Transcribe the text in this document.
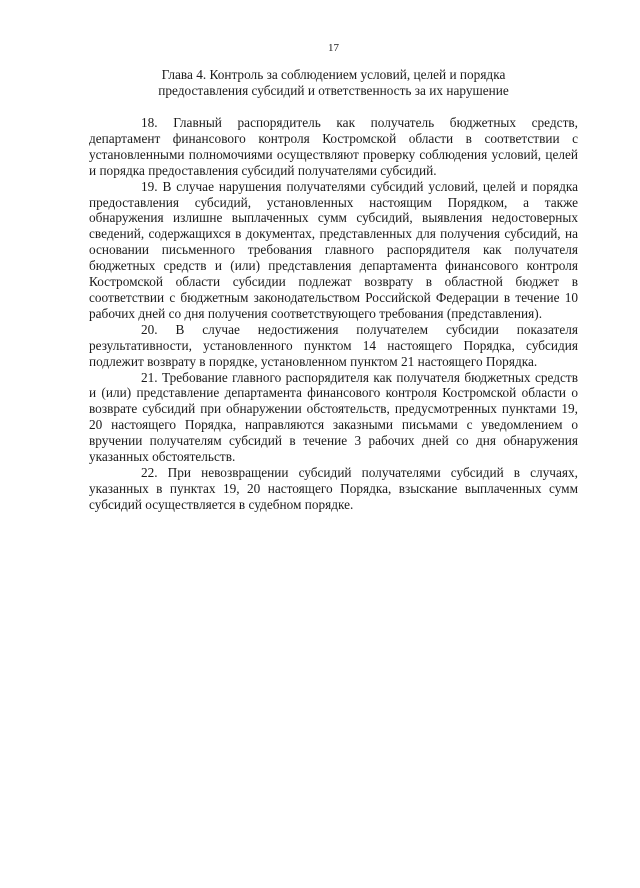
17
Глава 4. Контроль за соблюдением условий, целей и порядка
предоставления субсидий и ответственность за их нарушение

18. Главный распорядитель как получатель бюджетных средств, департамент финансового контроля Костромской области в соответствии с установленными полномочиями осуществляют проверку соблюдения условий, целей и порядка предоставления субсидий получателями субсидий.

19. В случае нарушения получателями субсидий условий, целей и порядка предоставления субсидий, установленных настоящим Порядком, а также обнаружения излишне выплаченных сумм субсидий, выявления недостоверных сведений, содержащихся в документах, представленных для получения субсидий, на основании письменного требования главного распорядителя как получателя бюджетных средств и (или) представления департамента финансового контроля Костромской области субсидии подлежат возврату в областной бюджет в соответствии с бюджетным законодательством Российской Федерации в течение 10 рабочих дней со дня получения соответствующего требования (представления).

20. В случае недостижения получателем субсидии показателя результативности, установленного пунктом 14 настоящего Порядка, субсидия подлежит возврату в порядке, установленном пунктом 21 настоящего Порядка.

21. Требование главного распорядителя как получателя бюджетных средств и (или) представление департамента финансового контроля Костромской области о возврате субсидий при обнаружении обстоятельств, предусмотренных пунктами 19, 20 настоящего Порядка, направляются заказными письмами с уведомлением о вручении получателям субсидий в течение 3 рабочих дней со дня обнаружения указанных обстоятельств.

22. При невозвращении субсидий получателями субсидий в случаях, указанных в пунктах 19, 20 настоящего Порядка, взыскание выплаченных сумм субсидий осуществляется в судебном порядке.
